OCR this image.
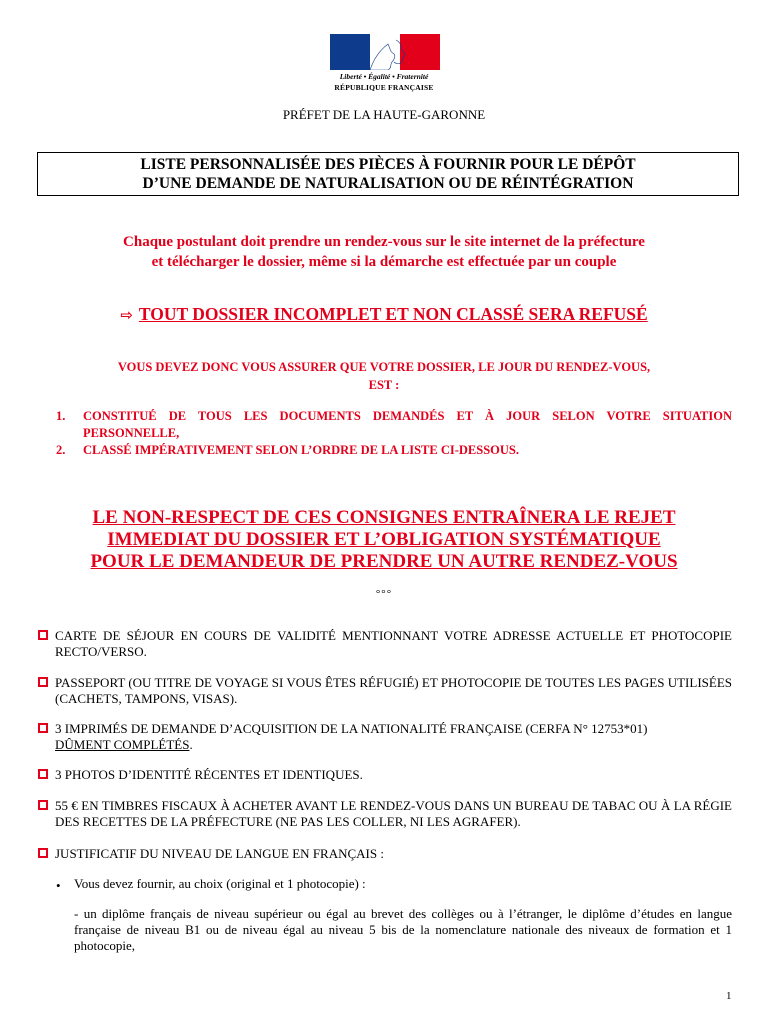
Liberté • Égalité • Fraternité
RÉPUBLIQUE FRANÇAISE
PRÉFET DE LA HAUTE-GARONNE
LISTE PERSONNALISÉE DES PIÈCES À FOURNIR POUR LE DÉPÔT
D’UNE DEMANDE DE NATURALISATION OU DE RÉINTÉGRATION
Chaque postulant doit prendre un rendez-vous sur le site internet de la préfecture
et télécharger le dossier, même si la démarche est effectuée par un couple
⇨ TOUT DOSSIER INCOMPLET ET NON CLASSÉ SERA REFUSÉ
VOUS DEVEZ DONC VOUS ASSURER QUE VOTRE DOSSIER, LE JOUR DU RENDEZ-VOUS,
EST :
1. CONSTITUÉ DE TOUS LES DOCUMENTS DEMANDÉS ET À JOUR SELON VOTRE SITUATION PERSONNELLE,
2. CLASSÉ IMPÉRATIVEMENT SELON L’ORDRE DE LA LISTE CI-DESSOUS.
LE NON-RESPECT DE CES CONSIGNES ENTRAÎNERA LE REJET
IMMEDIAT DU DOSSIER ET L’OBLIGATION SYSTÉMATIQUE
POUR LE DEMANDEUR DE PRENDRE UN AUTRE RENDEZ-VOUS
°°°
CARTE DE SÉJOUR EN COURS DE VALIDITÉ MENTIONNANT VOTRE ADRESSE ACTUELLE ET PHOTOCOPIE RECTO/VERSO.
PASSEPORT (OU TITRE DE VOYAGE SI VOUS ÊTES RÉFUGIÉ) ET PHOTOCOPIE DE TOUTES LES PAGES UTILISÉES (CACHETS, TAMPONS, VISAS).
3 IMPRIMÉS DE DEMANDE D’ACQUISITION DE LA NATIONALITÉ FRANÇAISE (CERFA N° 12753*01)
DÛMENT COMPLÉTÉS.
3 PHOTOS D’IDENTITÉ RÉCENTES ET IDENTIQUES.
55 € EN TIMBRES FISCAUX À ACHETER AVANT LE RENDEZ-VOUS DANS UN BUREAU DE TABAC OU À LA RÉGIE DES RECETTES DE LA PRÉFECTURE (NE PAS LES COLLER, NI LES AGRAFER).
JUSTIFICATIF DU NIVEAU DE LANGUE EN FRANÇAIS :
• Vous devez fournir, au choix (original et 1 photocopie) :
- un diplôme français de niveau supérieur ou égal au brevet des collèges ou à l’étranger, le diplôme d’études en langue française de niveau B1 ou de niveau égal au niveau 5 bis de la nomenclature nationale des niveaux de formation et 1 photocopie,
1
